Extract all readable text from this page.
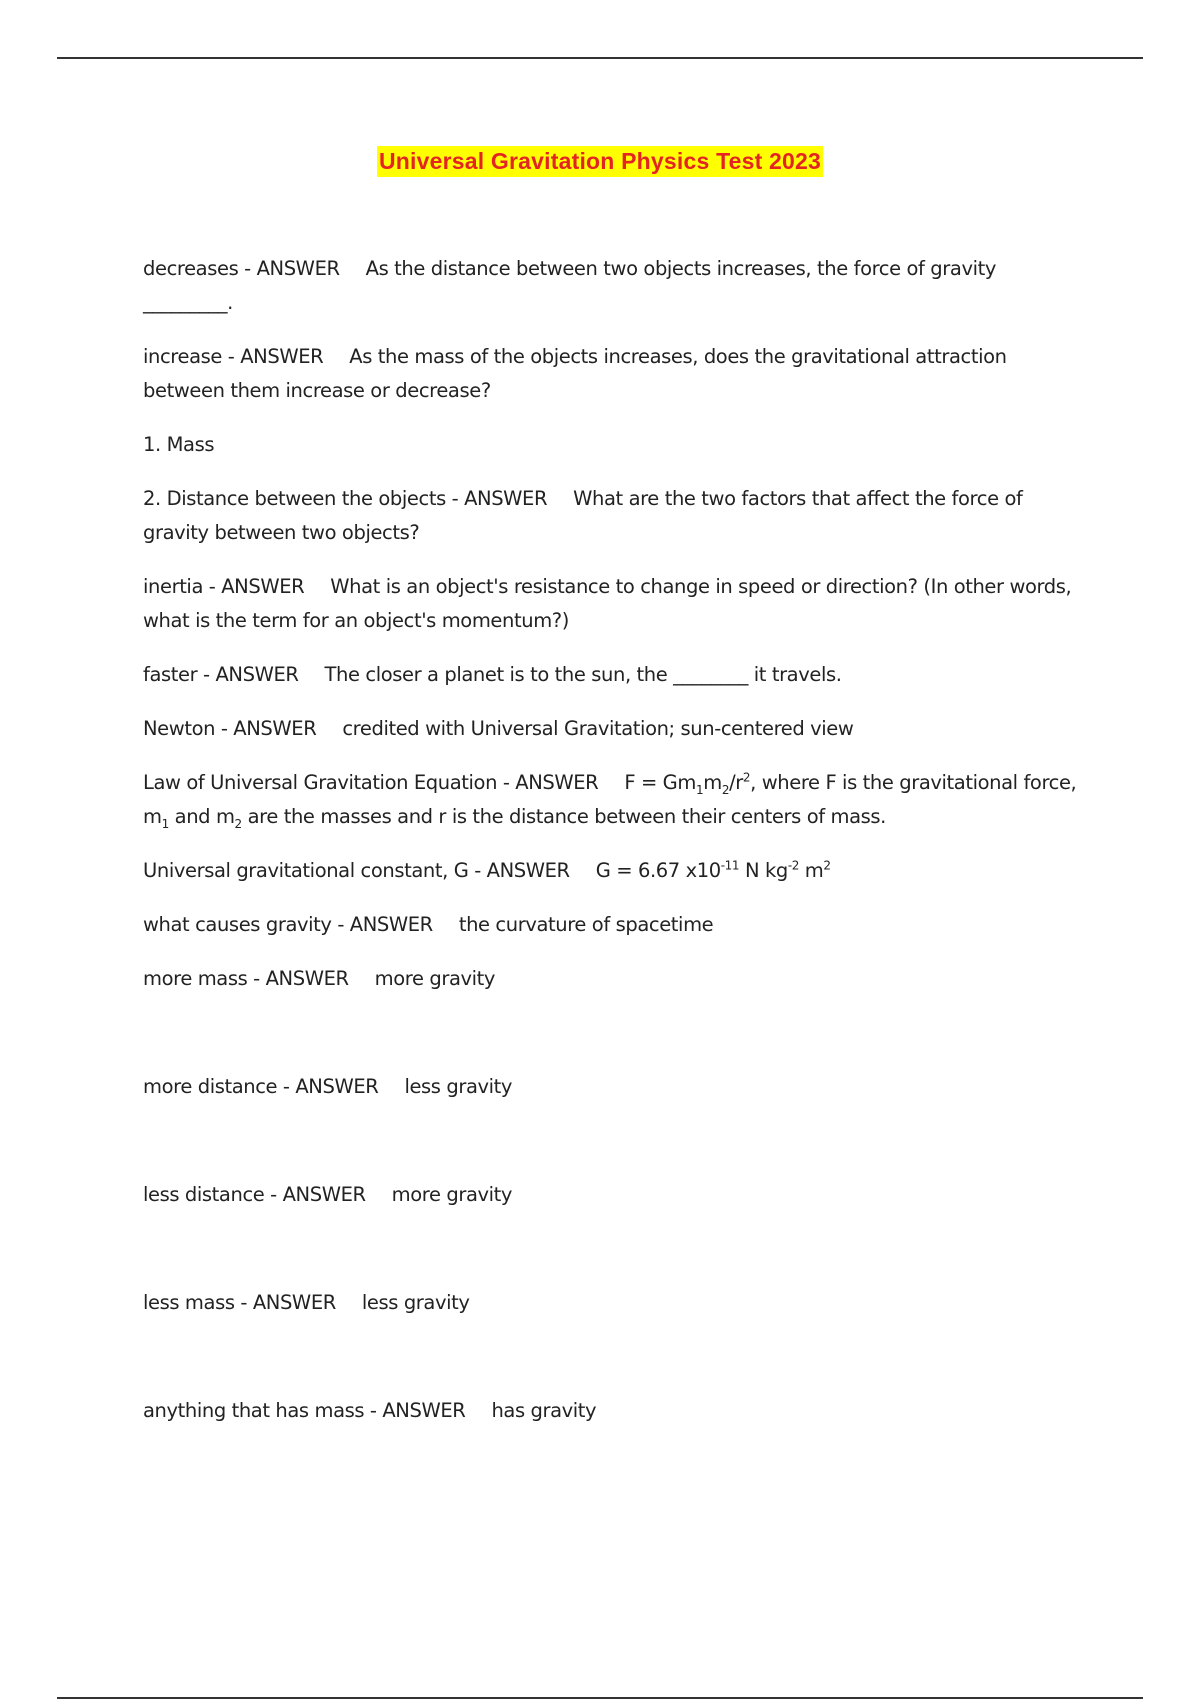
Universal Gravitation Physics Test 2023
decreases - ANSWER As the distance between two objects increases, the force of gravity
_________.
increase - ANSWER As the mass of the objects increases, does the gravitational attraction between them increase or decrease?
1. Mass
2. Distance between the objects - ANSWER What are the two factors that affect the force of gravity between two objects?
inertia - ANSWER What is an object's resistance to change in speed or direction? (In other words, what is the term for an object's momentum?)
faster - ANSWER The closer a planet is to the sun, the ________ it travels.
Newton - ANSWER credited with Universal Gravitation; sun-centered view
Law of Universal Gravitation Equation - ANSWER $F = Gm_1m_2/r^2$, where F is the gravitational force, $m_1$ and $m_2$ are the masses and r is the distance between their centers of mass.
Universal gravitational constant, G - ANSWER G = 6.67 $x10^{-11}$ N $kg^{-2}$ $m^2$
what causes gravity - ANSWER the curvature of spacetime
more mass - ANSWER more gravity
more distance - ANSWER less gravity
less distance - ANSWER more gravity
less mass - ANSWER less gravity
anything that has mass - ANSWER has gravity
